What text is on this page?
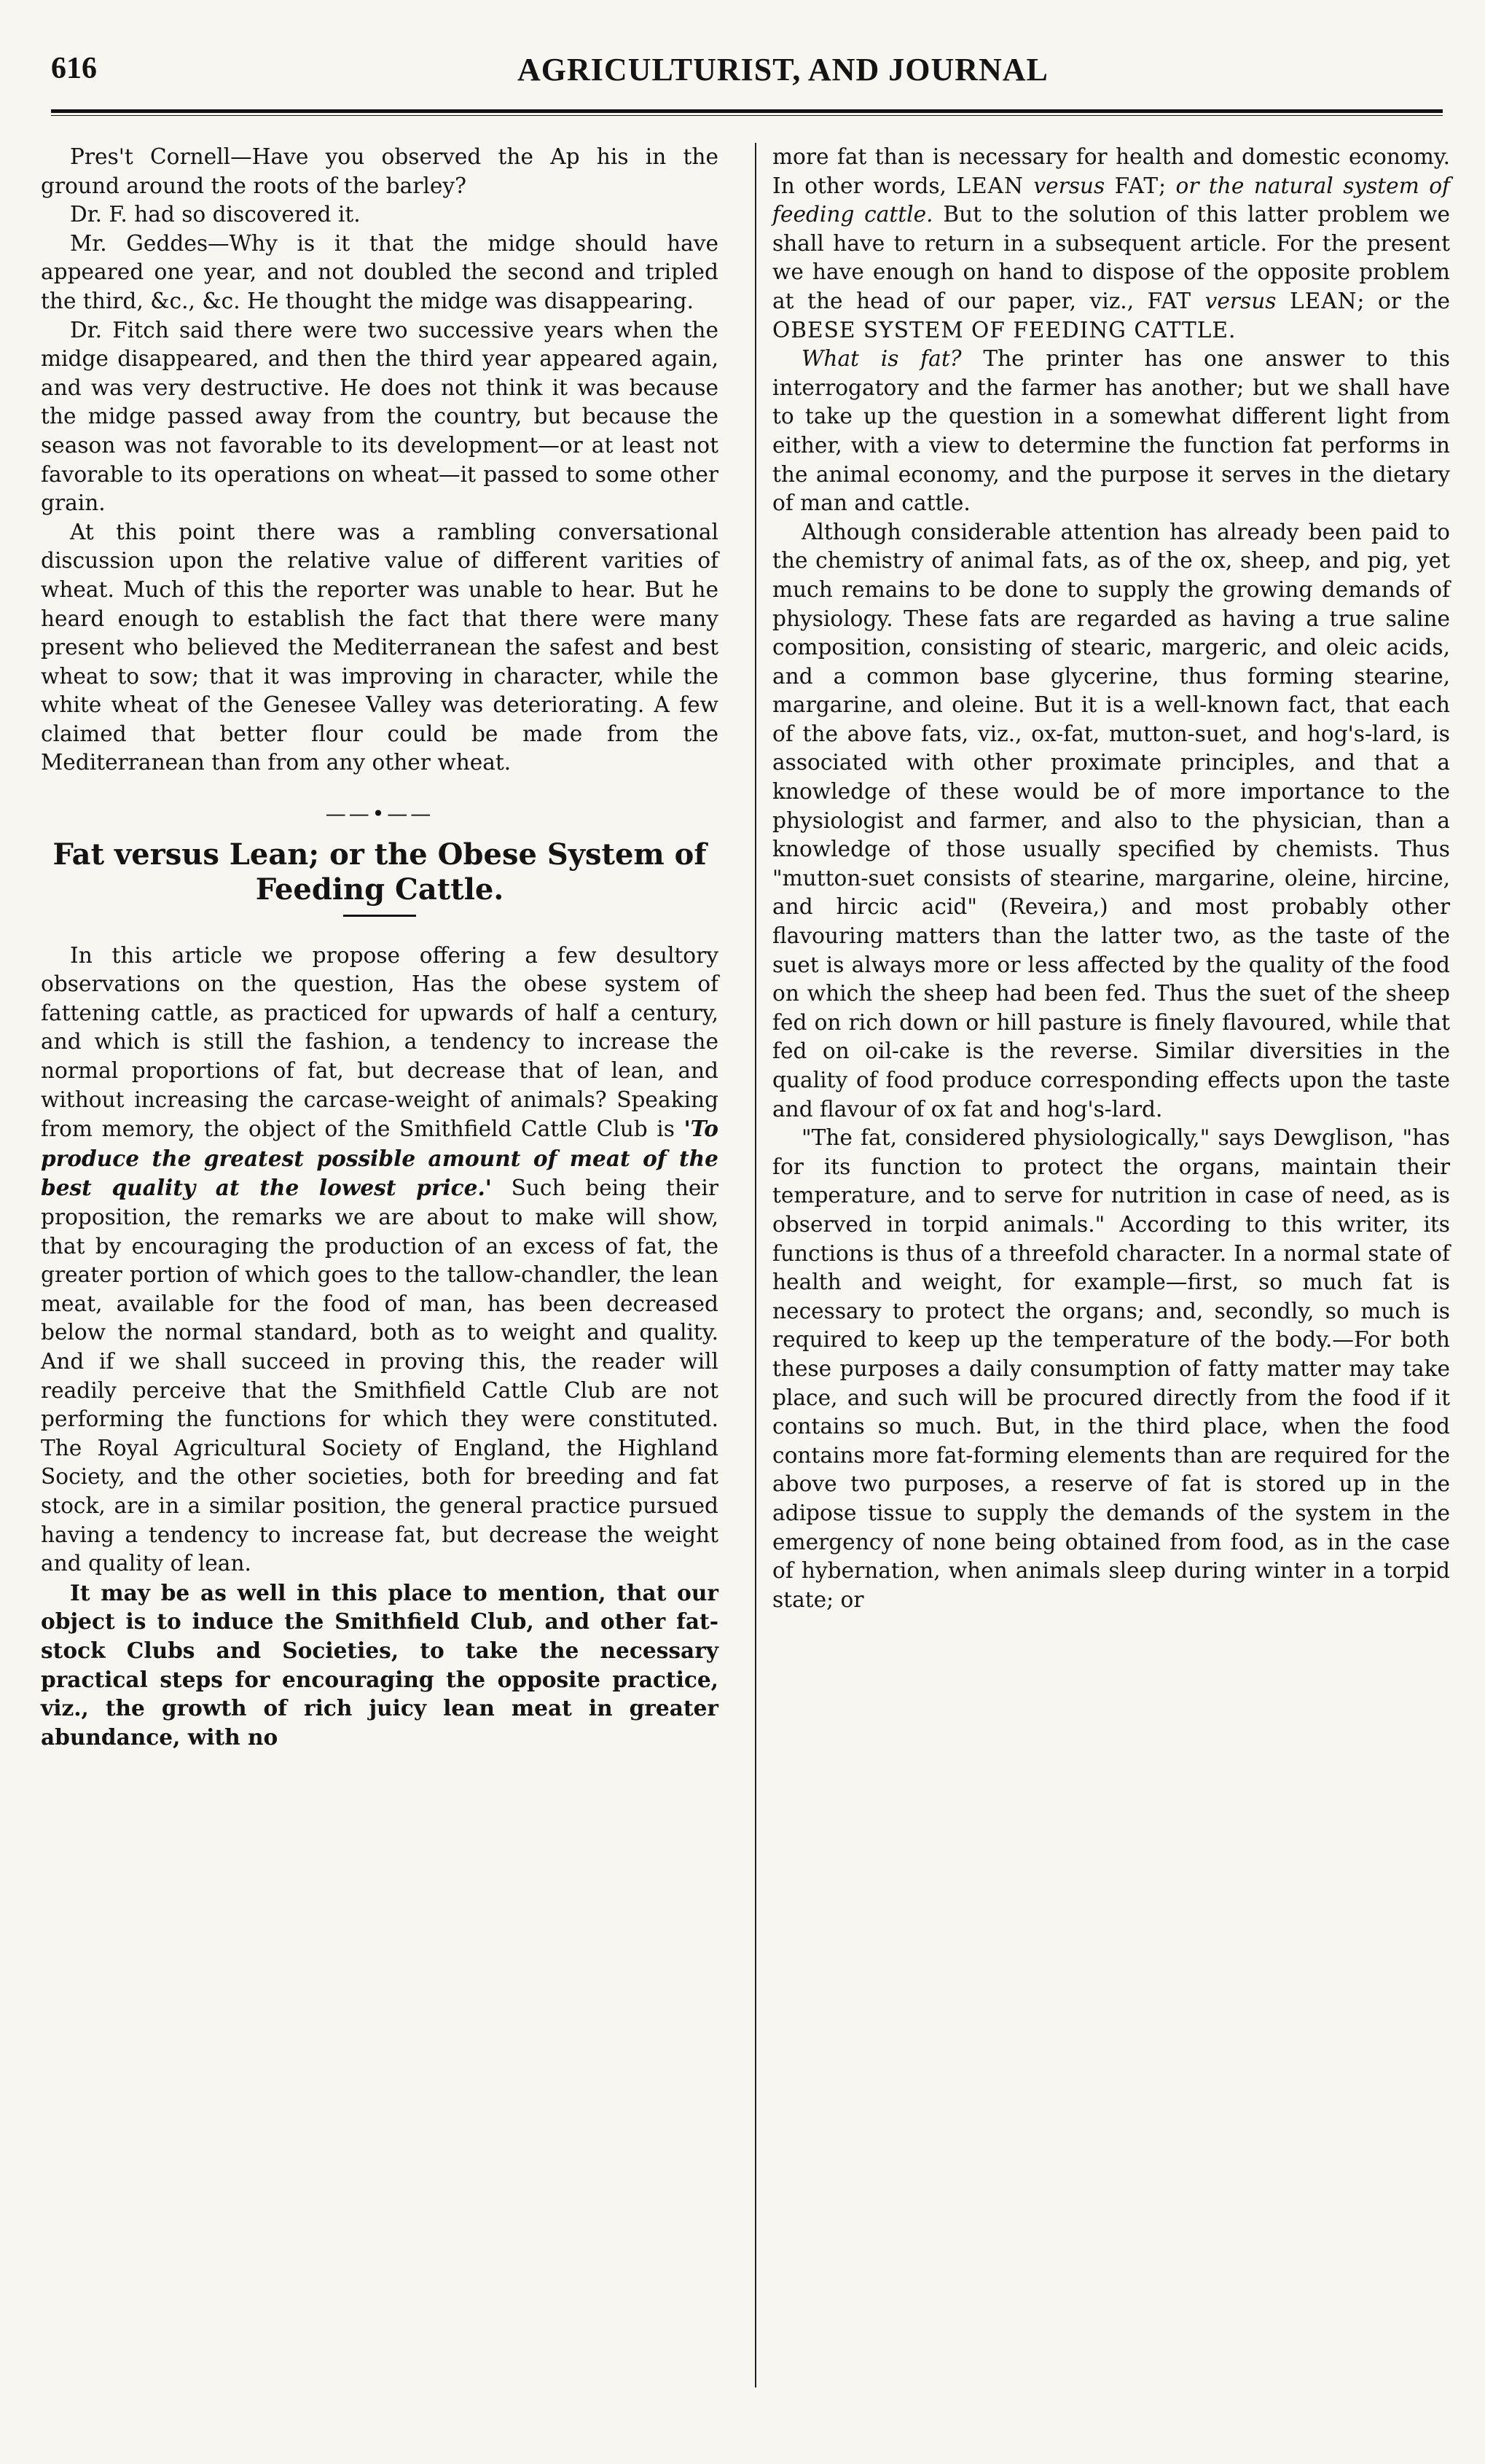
616	AGRICULTURIST, AND JOURNAL

Pres't Cornell—Have you observed the Ap his in the ground around the roots of the barley?

Dr. F. had so discovered it.

Mr. Geddes—Why is it that the midge should have appeared one year, and not doubled the second and tripled the third, &c., &c. He thought the midge was disappearing.

Dr. Fitch said there were two successive years when the midge disappeared, and then the third year appeared again, and was very destructive. He does not think it was because the midge passed away from the country, but because the season was not favorable to its development—or at least not favorable to its operations on wheat—it passed to some other grain.

At this point there was a rambling conversational discussion upon the relative value of different varities of wheat. Much of this the reporter was unable to hear. But he heard enough to establish the fact that there were many present who believed the Mediterranean the safest and best wheat to sow; that it was improving in character, while the white wheat of the Genesee Valley was deteriorating. A few claimed that better flour could be made from the Mediterranean than from any other wheat.

——•——
Fat versus Lean; or the Obese System of Feeding Cattle.

In this article we propose offering a few desultory observations on the question, Has the obese system of fattening cattle, as practiced for upwards of half a century, and which is still the fashion, a tendency to increase the normal proportions of fat, but decrease that of lean, and without increasing the carcase-weight of animals? Speaking from memory, the object of the Smithfield Cattle Club is 'To produce the greatest possible amount of meat of the best quality at the lowest price.' Such being their proposition, the remarks we are about to make will show, that by encouraging the production of an excess of fat, the greater portion of which goes to the tallow-chandler, the lean meat, available for the food of man, has been decreased below the normal standard, both as to weight and quality. And if we shall succeed in proving this, the reader will readily perceive that the Smithfield Cattle Club are not performing the functions for which they were constituted. The Royal Agricultural Society of England, the Highland Society, and the other societies, both for breeding and fat stock, are in a similar position, the general practice pursued having a tendency to increase fat, but decrease the weight and quality of lean.

It may be as well in this place to mention, that our object is to induce the Smithfield Club, and other fat-stock Clubs and Societies, to take the necessary practical steps for encouraging the opposite practice, viz., the growth of rich juicy lean meat in greater abundance, with no

more fat than is necessary for health and domestic economy. In other words, LEAN versus FAT; or the natural system of feeding cattle. But to the solution of this latter problem we shall have to return in a subsequent article. For the present we have enough on hand to dispose of the opposite problem at the head of our paper, viz., FAT versus LEAN; or the OBESE SYSTEM OF FEEDING CATTLE.

What is fat? The printer has one answer to this interrogatory and the farmer has another; but we shall have to take up the question in a somewhat different light from either, with a view to determine the function fat performs in the animal economy, and the purpose it serves in the dietary of man and cattle.

Although considerable attention has already been paid to the chemistry of animal fats, as of the ox, sheep, and pig, yet much remains to be done to supply the growing demands of physiology. These fats are regarded as having a true saline composition, consisting of stearic, margeric, and oleic acids, and a common base glycerine, thus forming stearine, margarine, and oleine. But it is a well-known fact, that each of the above fats, viz., ox-fat, mutton-suet, and hog's-lard, is associated with other proximate principles, and that a knowledge of these would be of more importance to the physiologist and farmer, and also to the physician, than a knowledge of those usually specified by chemists. Thus "mutton-suet consists of stearine, margarine, oleine, hircine, and hircic acid" (Reveira,) and most probably other flavouring matters than the latter two, as the taste of the suet is always more or less affected by the quality of the food on which the sheep had been fed. Thus the suet of the sheep fed on rich down or hill pasture is finely flavoured, while that fed on oil-cake is the reverse. Similar diversities in the quality of food produce corresponding effects upon the taste and flavour of ox fat and hog's-lard.

"The fat, considered physiologically," says Dewglison, "has for its function to protect the organs, maintain their temperature, and to serve for nutrition in case of need, as is observed in torpid animals." According to this writer, its functions is thus of a threefold character. In a normal state of health and weight, for example—first, so much fat is necessary to protect the organs; and, secondly, so much is required to keep up the temperature of the body.—For both these purposes a daily consumption of fatty matter may take place, and such will be procured directly from the food if it contains so much. But, in the third place, when the food contains more fat-forming elements than are required for the above two purposes, a reserve of fat is stored up in the adipose tissue to supply the demands of the system in the emergency of none being obtained from food, as in the case of hybernation, when animals sleep during winter in a torpid state; or
